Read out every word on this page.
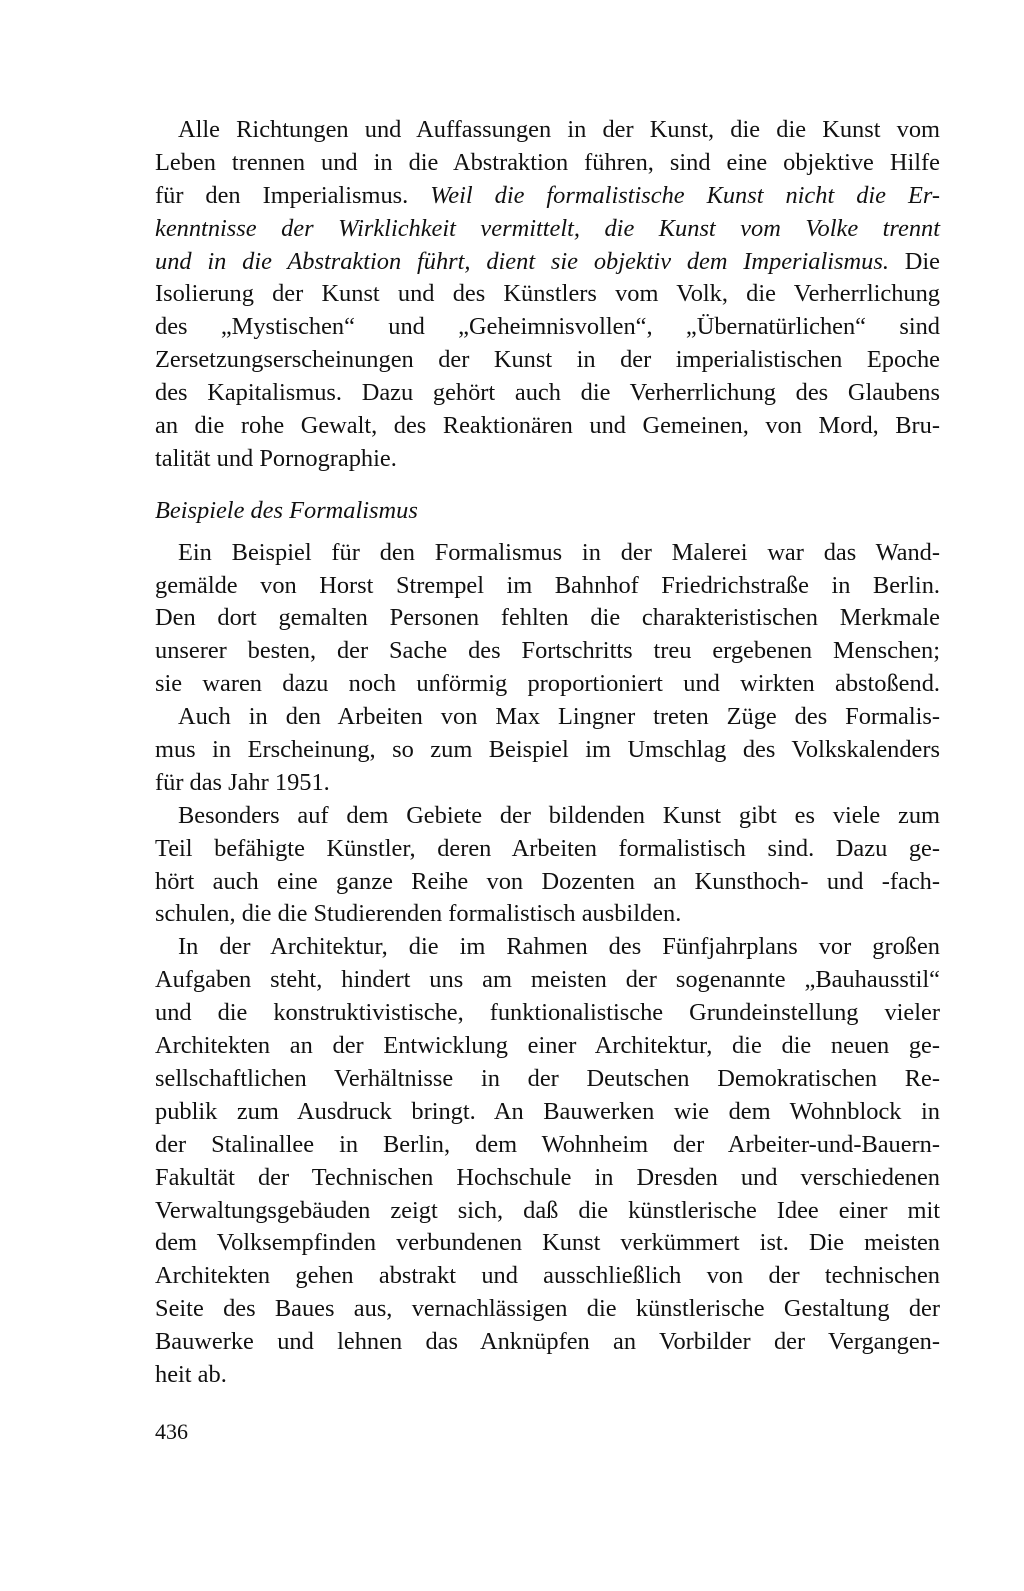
Alle Richtungen und Auffassungen in der Kunst, die die Kunst vom
Leben trennen und in die Abstraktion führen, sind eine objektive Hilfe
für den Imperialismus. Weil die formalistische Kunst nicht die Er-
kenntnisse der Wirklichkeit vermittelt, die Kunst vom Volke trennt
und in die Abstraktion führt, dient sie objektiv dem Imperialismus. Die
Isolierung der Kunst und des Künstlers vom Volk, die Verherrlichung
des „Mystischen“ und „Geheimnisvollen“, „Übernatürlichen“ sind
Zersetzungserscheinungen der Kunst in der imperialistischen Epoche
des Kapitalismus. Dazu gehört auch die Verherrlichung des Glaubens
an die rohe Gewalt, des Reaktionären und Gemeinen, von Mord, Bru-
talität und Pornographie.
Beispiele des Formalismus
Ein Beispiel für den Formalismus in der Malerei war das Wand-
gemälde von Horst Strempel im Bahnhof Friedrichstraße in Berlin.
Den dort gemalten Personen fehlten die charakteristischen Merkmale
unserer besten, der Sache des Fortschritts treu ergebenen Menschen;
sie waren dazu noch unförmig proportioniert und wirkten abstoßend.
Auch in den Arbeiten von Max Lingner treten Züge des Formalis-
mus in Erscheinung, so zum Beispiel im Umschlag des Volkskalenders
für das Jahr 1951.
Besonders auf dem Gebiete der bildenden Kunst gibt es viele zum
Teil befähigte Künstler, deren Arbeiten formalistisch sind. Dazu ge-
hört auch eine ganze Reihe von Dozenten an Kunsthoch- und -fach-
schulen, die die Studierenden formalistisch ausbilden.
In der Architektur, die im Rahmen des Fünfjahrplans vor großen
Aufgaben steht, hindert uns am meisten der sogenannte „Bauhausstil“
und die konstruktivistische, funktionalistische Grundeinstellung vieler
Architekten an der Entwicklung einer Architektur, die die neuen ge-
sellschaftlichen Verhältnisse in der Deutschen Demokratischen Re-
publik zum Ausdruck bringt. An Bauwerken wie dem Wohnblock in
der Stalinallee in Berlin, dem Wohnheim der Arbeiter-und-Bauern-
Fakultät der Technischen Hochschule in Dresden und verschiedenen
Verwaltungsgebäuden zeigt sich, daß die künstlerische Idee einer mit
dem Volksempfinden verbundenen Kunst verkümmert ist. Die meisten
Architekten gehen abstrakt und ausschließlich von der technischen
Seite des Baues aus, vernachlässigen die künstlerische Gestaltung der
Bauwerke und lehnen das Anknüpfen an Vorbilder der Vergangen-
heit ab.
436
